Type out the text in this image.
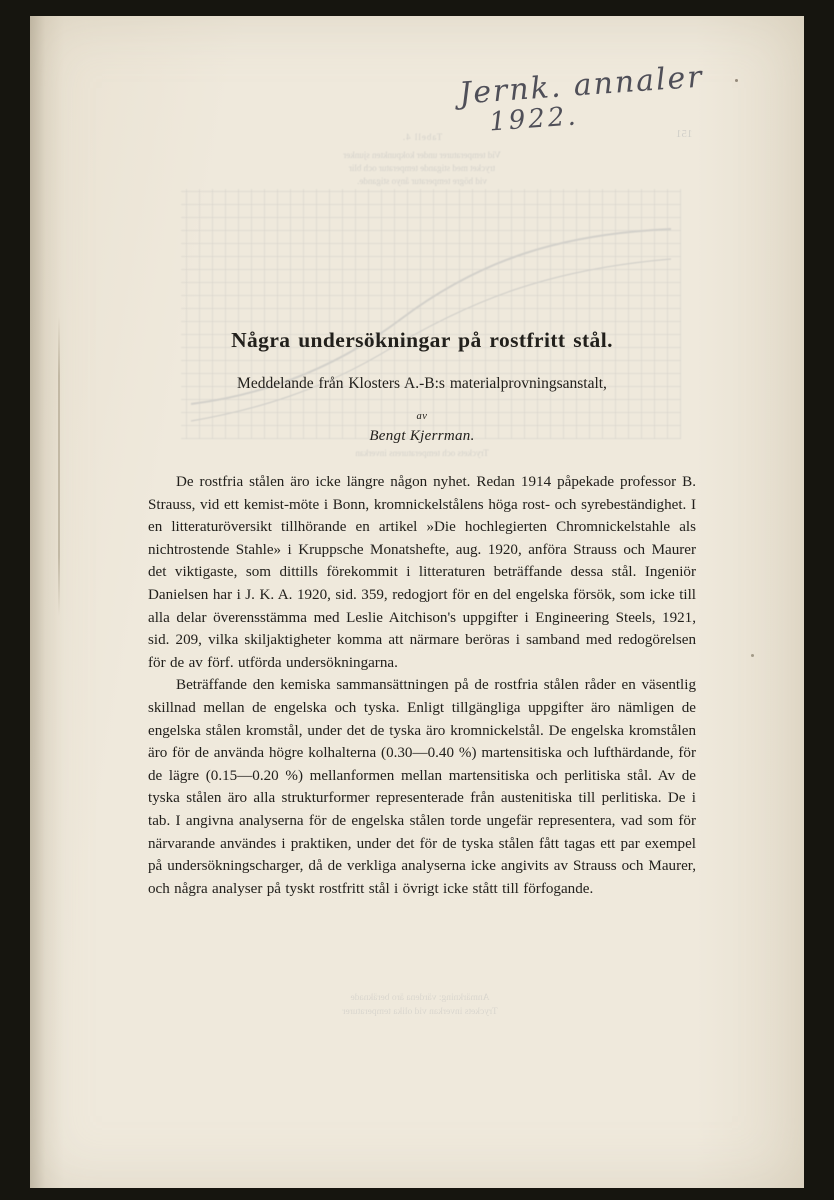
Tabell 4.
Vid temperaturer under kokpunkten sjunker
trycket med stigande temperatur och blir
vid högre temperatur ånyo stigande.
Tryckets och temperaturens inverkan
151
Anmärkning: värdena äro beräknade
Tryckets inverkan vid olika temperaturer
Jernk. annaler
1922.
Några undersökningar på rostfritt stål.

Meddelande från Klosters A.-B:s materialprovningsanstalt,

av

Bengt Kjerrman.

De rostfria stålen äro icke längre någon nyhet. Redan 1914 påpekade professor B. Strauss, vid ett kemist-möte i Bonn, kromnickelstålens höga rost- och syrebeständighet. I en litteraturöversikt tillhörande en artikel »Die hochlegierten Chromnickelstahle als nichtrostende Stahle» i Kruppsche Monatshefte, aug. 1920, anföra Strauss och Maurer det viktigaste, som dittills förekommit i litteraturen beträffande dessa stål. Ingeniör Danielsen har i J. K. A. 1920, sid. 359, redogjort för en del engelska försök, som icke till alla delar överensstämma med Leslie Aitchison's uppgifter i Engineering Steels, 1921, sid. 209, vilka skiljaktigheter komma att närmare beröras i samband med redogörelsen för de av förf. utförda undersökningarna.

Beträffande den kemiska sammansättningen på de rostfria stålen råder en väsentlig skillnad mellan de engelska och tyska. Enligt tillgängliga uppgifter äro nämligen de engelska stålen kromstål, under det de tyska äro kromnickelstål. De engelska kromstålen äro för de använda högre kolhalterna (0.30—0.40 %) martensitiska och lufthärdande, för de lägre (0.15—0.20 %) mellanformen mellan martensitiska och perlitiska stål. Av de tyska stålen äro alla strukturformer representerade från austenitiska till perlitiska. De i tab. I angivna analyserna för de engelska stålen torde ungefär representera, vad som för närvarande användes i praktiken, under det för de tyska stålen fått tagas ett par exempel på undersökningscharger, då de verkliga analyserna icke angivits av Strauss och Maurer, och några analyser på tyskt rostfritt stål i övrigt icke stått till förfogande.
